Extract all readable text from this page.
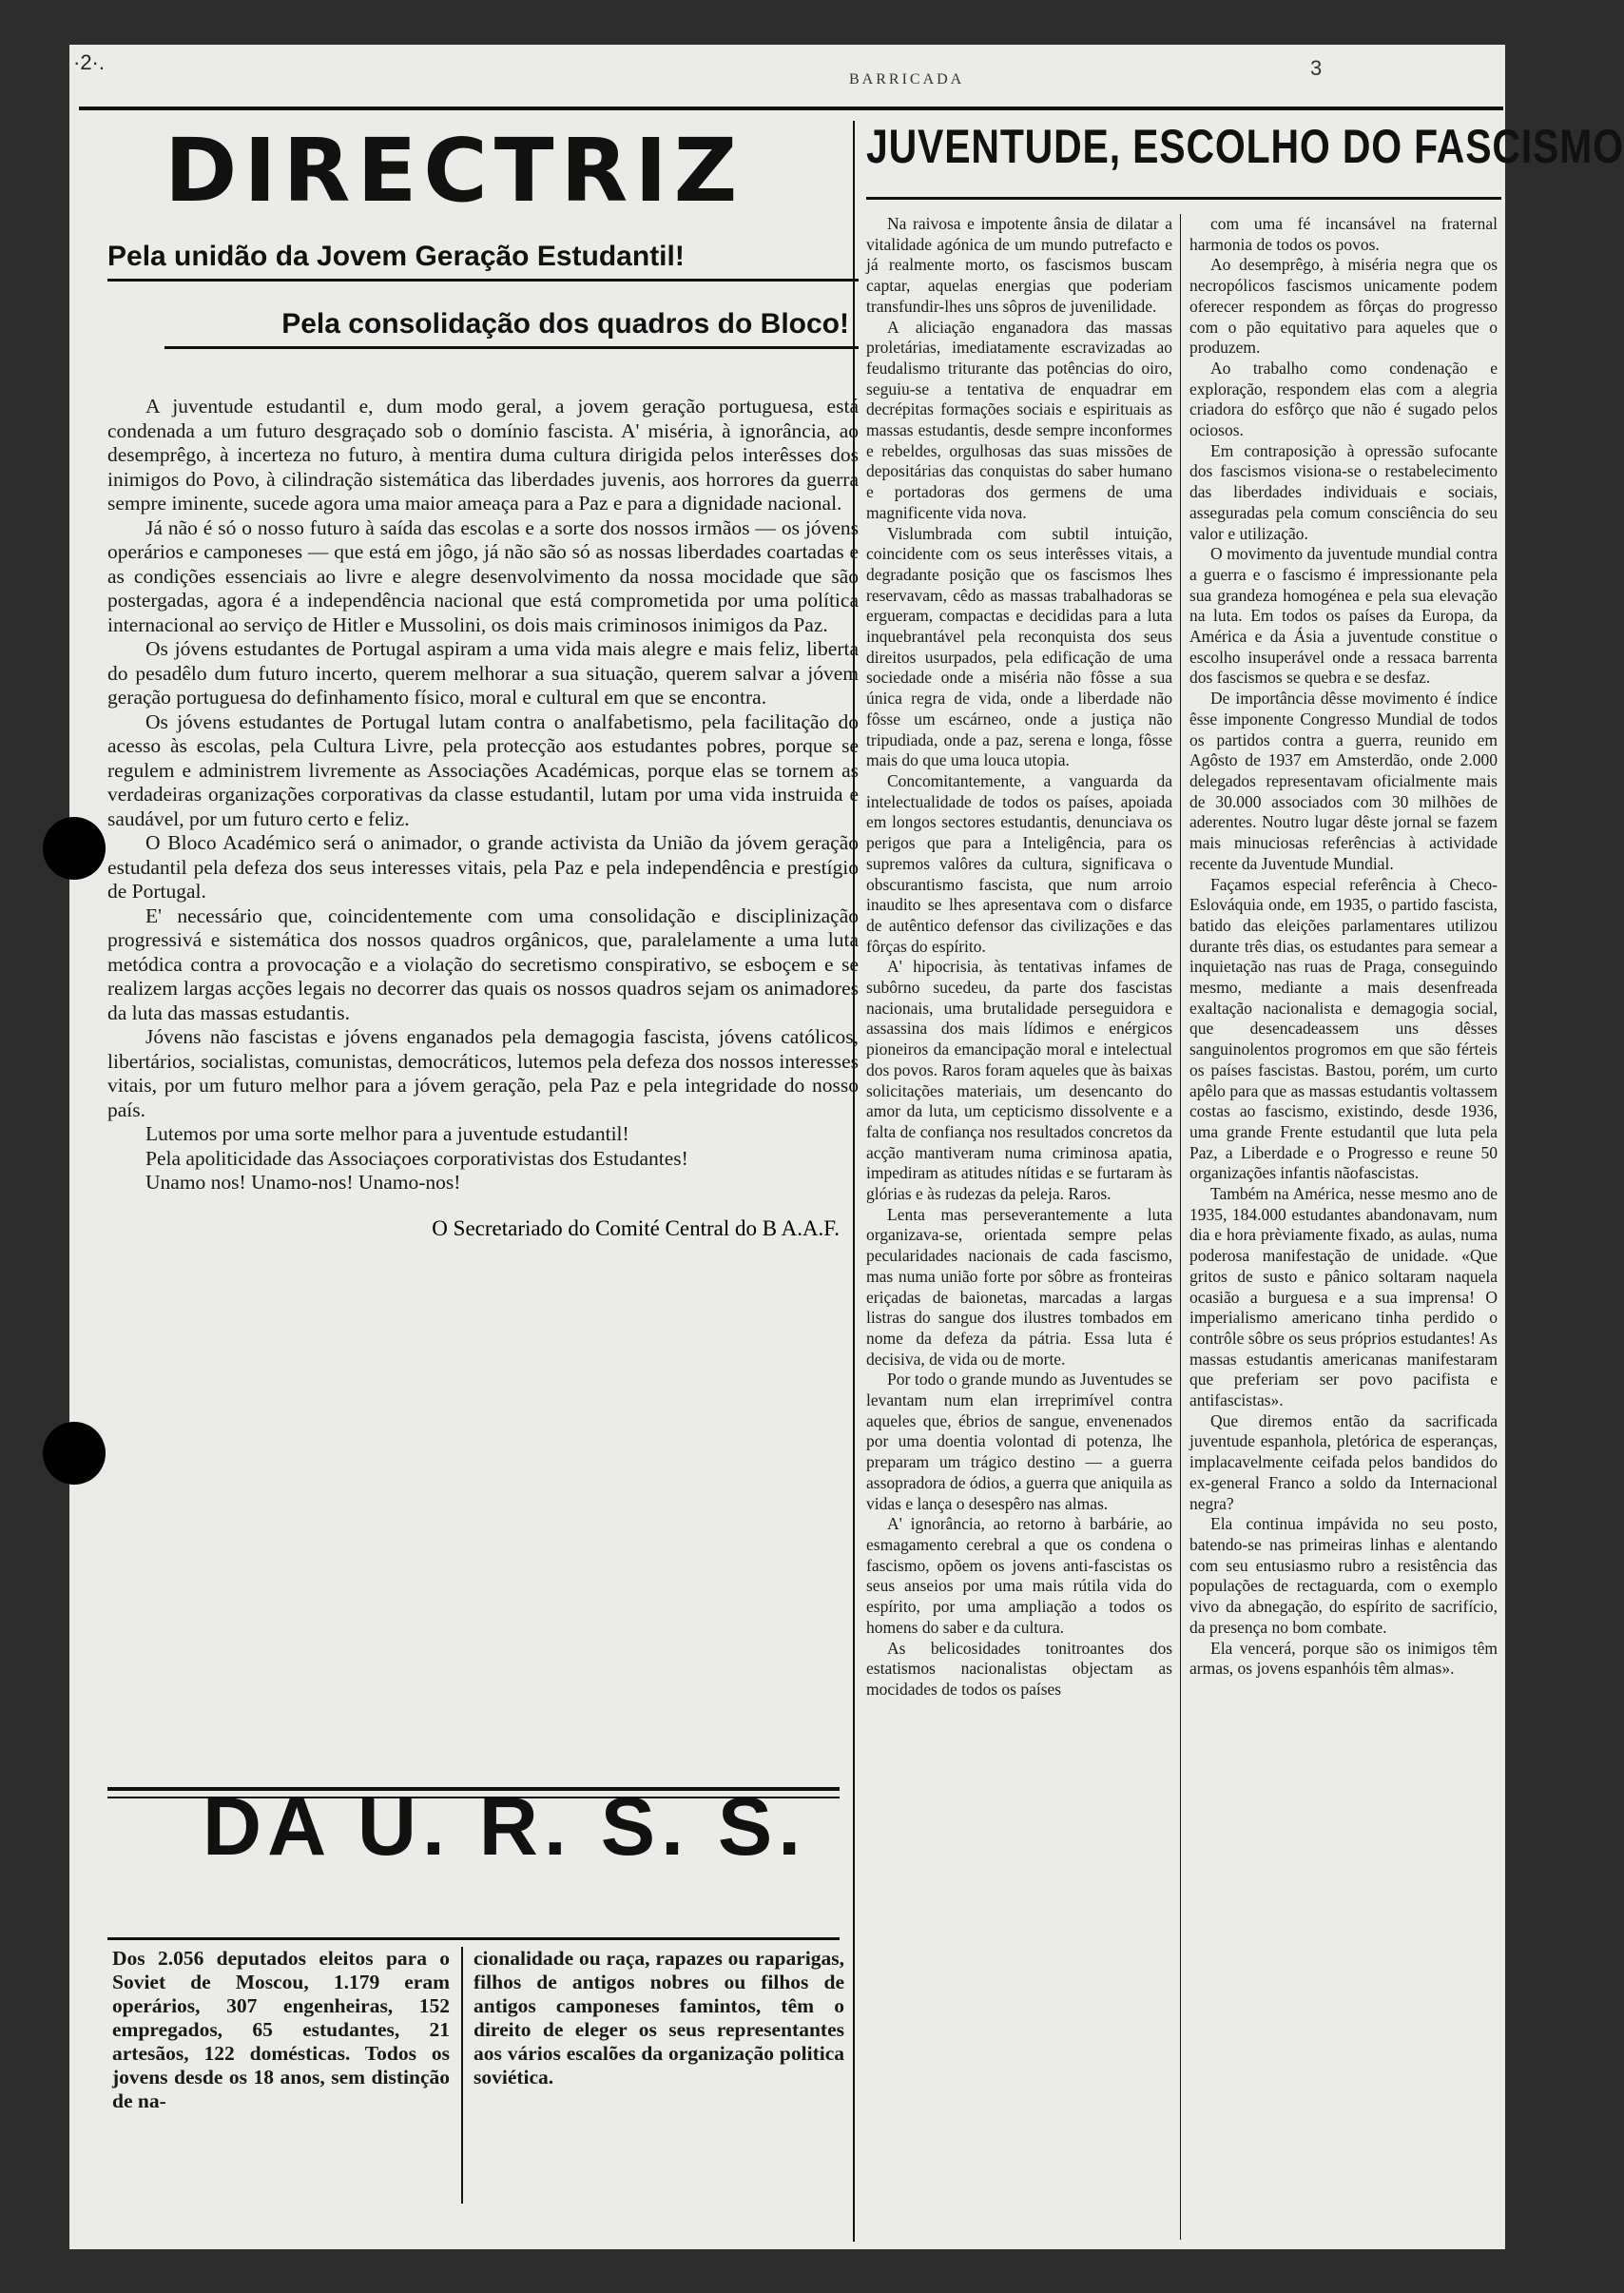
·2·.
BARRICADA	3
DIRECTRIZ
Pela unidão da Jovem Geração Estudantil!
Pela consolidação dos quadros do Bloco!

A juventude estudantil e, dum modo geral, a jovem geração portuguesa, está condenada a um futuro desgraçado sob o domínio fascista. A' miséria, à ignorância, ao desemprêgo, à incerteza no futuro, à mentira duma cultura dirigida pelos interêsses dos inimigos do Povo, à cilindração sistemática das liberdades juvenis, aos horrores da guerra sempre iminente, sucede agora uma maior ameaça para a Paz e para a dignidade nacional.

Já não é só o nosso futuro à saída das escolas e a sorte dos nossos irmãos — os jóvens operários e camponeses — que está em jôgo, já não são só as nossas liberdades coartadas e as condições essenciais ao livre e alegre desenvolvimento da nossa mocidade que são postergadas, agora é a independência nacional que está comprometida por uma política internacional ao serviço de Hitler e Mussolini, os dois mais criminosos inimigos da Paz.

Os jóvens estudantes de Portugal aspiram a uma vida mais alegre e mais feliz, liberta do pesadêlo dum futuro incerto, querem melhorar a sua situação, querem salvar a jóvem geração portuguesa do definhamento físico, moral e cultural em que se encontra.

Os jóvens estudantes de Portugal lutam contra o analfabetismo, pela facilitação do acesso às escolas, pela Cultura Livre, pela protecção aos estudantes pobres, porque se regulem e administrem livremente as Associações Académicas, porque elas se tornem as verdadeiras organizações corporativas da classe estudantil, lutam por uma vida instruida e saudável, por um futuro certo e feliz.

O Bloco Académico será o animador, o grande activista da União da jóvem geração estudantil pela defeza dos seus interesses vitais, pela Paz e pela independência e prestígio de Portugal.

E' necessário que, coincidentemente com uma consolidação e disciplinização progressivá e sistemática dos nossos quadros orgânicos, que, paralelamente a uma luta metódica contra a provocação e a violação do secretismo conspirativo, se esboçem e se realizem largas acções legais no decorrer das quais os nossos quadros sejam os animadores da luta das massas estudantis.

Jóvens não fascistas e jóvens enganados pela demagogia fascista, jóvens católicos, libertários, socialistas, comunistas, democráticos, lutemos pela defeza dos nossos interesses vitais, por um futuro melhor para a jóvem geração, pela Paz e pela integridade do nosso país.

Lutemos por uma sorte melhor para a juventude estudantil!

Pela apoliticidade das Associaçoes corporativistas dos Estudantes!

Unamo nos! Unamo-nos! Unamo-nos!

O Secretariado do Comité Central do B A.A.F.
DA U. R. S. S.

Dos 2.056 deputados eleitos para o Soviet de Moscou, 1.179 eram operários, 307 engenheiras, 152 empregados, 65 estudantes, 21 artesãos, 122 domésticas. Todos os jovens desde os 18 anos, sem distinção de na-

cionalidade ou raça, rapazes ou raparigas, filhos de antigos nobres ou filhos de antigos camponeses famintos, têm o direito de eleger os seus representantes aos vários escalões da organização politica soviética.

JUVENTUDE, ESCOLHO DO FASCISMO

Na raivosa e impotente ânsia de dilatar a vitalidade agónica de um mundo putrefacto e já realmente morto, os fascismos buscam captar, aquelas energias que poderiam transfundir-lhes uns sôpros de juvenilidade.

A aliciação enganadora das massas proletárias, imediatamente escravizadas ao feudalismo triturante das potências do oiro, seguiu-se a tentativa de enquadrar em decrépitas formações sociais e espirituais as massas estudantis, desde sempre inconformes e rebeldes, orgulhosas das suas missões de depositárias das conquistas do saber humano e portadoras dos germens de uma magnificente vida nova.

Vislumbrada com subtil intuição, coincidente com os seus interêsses vitais, a degradante posição que os fascismos lhes reservavam, cêdo as massas trabalhadoras se ergueram, compactas e decididas para a luta inquebrantável pela reconquista dos seus direitos usurpados, pela edificação de uma sociedade onde a miséria não fôsse a sua única regra de vida, onde a liberdade não fôsse um escárneo, onde a justiça não tripudiada, onde a paz, serena e longa, fôsse mais do que uma louca utopia.

Concomitantemente, a vanguarda da intelectualidade de todos os países, apoiada em longos sectores estudantis, denunciava os perigos que para a Inteligência, para os supremos valôres da cultura, significava o obscurantismo fascista, que num arroio inaudito se lhes apresentava com o disfarce de autêntico defensor das civilizações e das fôrças do espírito.

A' hipocrisia, às tentativas infames de subôrno sucedeu, da parte dos fascistas nacionais, uma brutalidade perseguidora e assassina dos mais lídimos e enérgicos pioneiros da emancipação moral e intelectual dos povos. Raros foram aqueles que às baixas solicitações materiais, um desencanto do amor da luta, um cepticismo dissolvente e a falta de confiança nos resultados concretos da acção mantiveram numa criminosa apatia, impediram as atitudes nítidas e se furtaram às glórias e às rudezas da peleja. Raros.

Lenta mas perseverantemente a luta organizava-se, orientada sempre pelas pecularidades nacionais de cada fascismo, mas numa união forte por sôbre as fronteiras eriçadas de baionetas, marcadas a largas listras do sangue dos ilustres tombados em nome da defeza da pátria. Essa luta é decisiva, de vida ou de morte.

Por todo o grande mundo as Juventudes se levantam num elan irreprimível contra aqueles que, ébrios de sangue, envenenados por uma doentia volontad di potenza, lhe preparam um trágico destino — a guerra assopradora de ódios, a guerra que aniquila as vidas e lança o desespêro nas almas.

A' ignorância, ao retorno à barbárie, ao esmagamento cerebral a que os condena o fascismo, opõem os jovens anti-fascistas os seus anseios por uma mais rútila vida do espírito, por uma ampliação a todos os homens do saber e da cultura.

As belicosidades tonitroantes dos estatismos nacionalistas objectam as mocidades de todos os países

com uma fé incansável na fraternal harmonia de todos os povos.

Ao desemprêgo, à miséria negra que os necropólicos fascismos unicamente podem oferecer respondem as fôrças do progresso com o pão equitativo para aqueles que o produzem.

Ao trabalho como condenação e exploração, respondem elas com a alegria criadora do esfôrço que não é sugado pelos ociosos.

Em contraposição à opressão sufocante dos fascismos visiona-se o restabelecimento das liberdades individuais e sociais, asseguradas pela comum consciência do seu valor e utilização.

O movimento da juventude mundial contra a guerra e o fascismo é impressionante pela sua grandeza homogénea e pela sua elevação na luta. Em todos os países da Europa, da América e da Ásia a juventude constitue o escolho insuperável onde a ressaca barrenta dos fascismos se quebra e se desfaz.

De importância dêsse movimento é índice êsse imponente Congresso Mundial de todos os partidos contra a guerra, reunido em Agôsto de 1937 em Amsterdão, onde 2.000 delegados representavam oficialmente mais de 30.000 associados com 30 milhões de aderentes. Noutro lugar dêste jornal se fazem mais minuciosas referências à actividade recente da Juventude Mundial.

Façamos especial referência à Checo-Eslováquia onde, em 1935, o partido fascista, batido das eleições parlamentares utilizou durante três dias, os estudantes para semear a inquietação nas ruas de Praga, conseguindo mesmo, mediante a mais desenfreada exaltação nacionalista e demagogia social, que desencadeassem uns dêsses sanguinolentos progromos em que são férteis os países fascistas. Bastou, porém, um curto apêlo para que as massas estudantis voltassem costas ao fascismo, existindo, desde 1936, uma grande Frente estudantil que luta pela Paz, a Liberdade e o Progresso e reune 50 organizações infantis nãofascistas.

Também na América, nesse mesmo ano de 1935, 184.000 estudantes abandonavam, num dia e hora prèviamente fixado, as aulas, numa poderosa manifestação de unidade. «Que gritos de susto e pânico soltaram naquela ocasião a burguesa e a sua imprensa! O imperialismo americano tinha perdido o contrôle sôbre os seus próprios estudantes! As massas estudantis americanas manifestaram que preferiam ser povo pacifista e antifascistas».

Que diremos então da sacrificada juventude espanhola, pletórica de esperanças, implacavelmente ceifada pelos bandidos do ex-general Franco a soldo da Internacional negra?

Ela continua impávida no seu posto, batendo-se nas primeiras linhas e alentando com seu entusiasmo rubro a resistência das populações de rectaguarda, com o exemplo vivo da abnegação, do espírito de sacrifício, da presença no bom combate.

Ela vencerá, porque são os inimigos têm armas, os jovens espanhóis têm almas».
